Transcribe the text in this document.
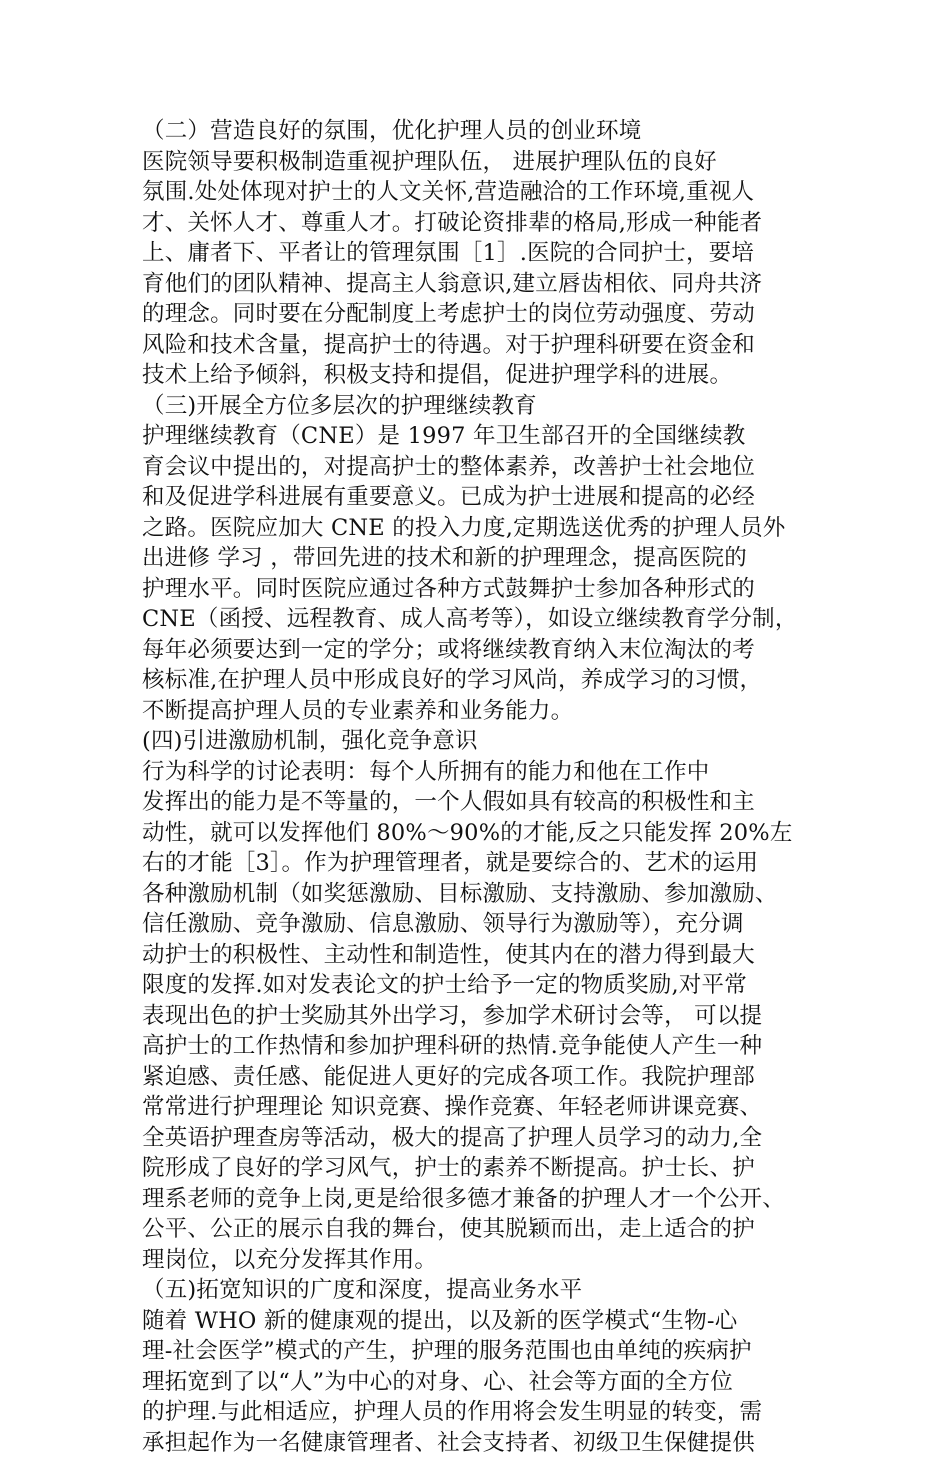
（二）营造良好的氛围，优化护理人员的创业环境
医院领导要积极制造重视护理队伍， 进展护理队伍的良好
氛围.处处体现对护士的人文关怀,营造融洽的工作环境,重视人
才、关怀人才、尊重人才。打破论资排辈的格局,形成一种能者
上、庸者下、平者让的管理氛围［1］.医院的合同护士，要培
育他们的团队精神、提高主人翁意识,建立唇齿相依、同舟共济
的理念。同时要在分配制度上考虑护士的岗位劳动强度、劳动
风险和技术含量，提高护士的待遇。对于护理科研要在资金和
技术上给予倾斜，积极支持和提倡，促进护理学科的进展。
（三)开展全方位多层次的护理继续教育
护理继续教育（CNE）是 1997 年卫生部召开的全国继续教
育会议中提出的，对提高护士的整体素养，改善护士社会地位
和及促进学科进展有重要意义。已成为护士进展和提高的必经
之路。医院应加大 CNE 的投入力度,定期选送优秀的护理人员外
出进修 学习 ，带回先进的技术和新的护理理念，提高医院的
护理水平。同时医院应通过各种方式鼓舞护士参加各种形式的
CNE（函授、远程教育、成人高考等），如设立继续教育学分制，
每年必须要达到一定的学分；或将继续教育纳入末位淘汰的考
核标准,在护理人员中形成良好的学习风尚，养成学习的习惯，
不断提高护理人员的专业素养和业务能力。
(四)引进激励机制，强化竞争意识
行为科学的讨论表明：每个人所拥有的能力和他在工作中
发挥出的能力是不等量的，一个人假如具有较高的积极性和主
动性，就可以发挥他们 80%～90%的才能,反之只能发挥 20%左
右的才能［3］。作为护理管理者，就是要综合的、艺术的运用
各种激励机制（如奖惩激励、目标激励、支持激励、参加激励、
信任激励、竞争激励、信息激励、领导行为激励等），充分调
动护士的积极性、主动性和制造性，使其内在的潜力得到最大
限度的发挥.如对发表论文的护士给予一定的物质奖励,对平常
表现出色的护士奖励其外出学习，参加学术研讨会等， 可以提
高护士的工作热情和参加护理科研的热情.竞争能使人产生一种
紧迫感、责任感、能促进人更好的完成各项工作。我院护理部
常常进行护理理论 知识竞赛、操作竞赛、年轻老师讲课竞赛、
全英语护理查房等活动，极大的提高了护理人员学习的动力,全
院形成了良好的学习风气，护士的素养不断提高。护士长、护
理系老师的竞争上岗,更是给很多德才兼备的护理人才一个公开、
公平、公正的展示自我的舞台，使其脱颖而出，走上适合的护
理岗位，以充分发挥其作用。
（五)拓宽知识的广度和深度，提高业务水平
随着 WHO 新的健康观的提出，以及新的医学模式“生物-心
理-社会医学”模式的产生，护理的服务范围也由单纯的疾病护
理拓宽到了以“人”为中心的对身、心、社会等方面的全方位
的护理.与此相适应，护理人员的作用将会发生明显的转变，需
承担起作为一名健康管理者、社会支持者、初级卫生保健提供
